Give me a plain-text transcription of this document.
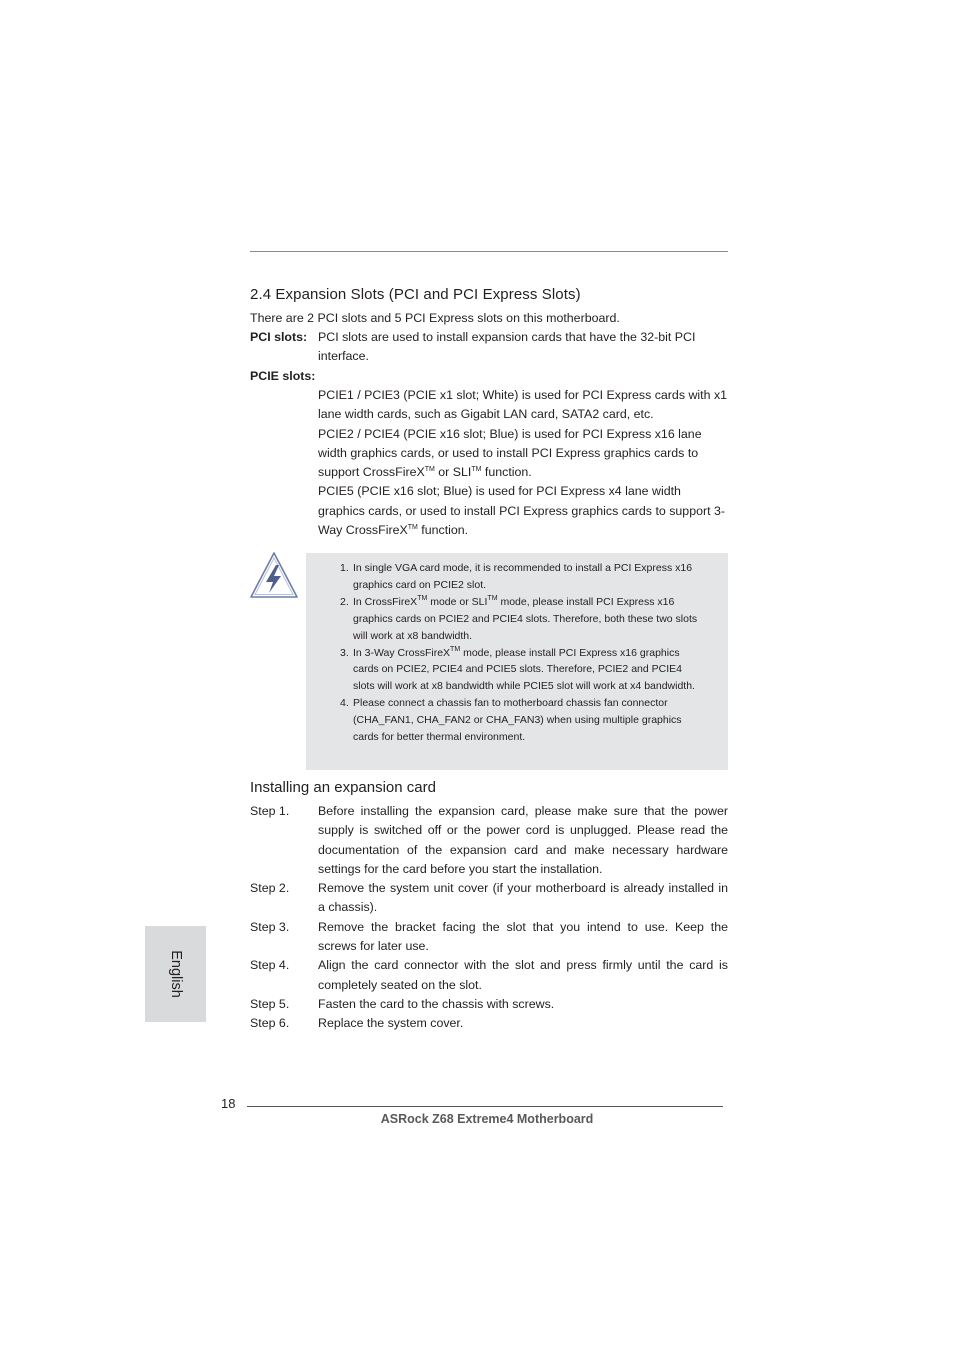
2.4 Expansion Slots (PCI and PCI Express Slots)
There are 2 PCI slots and 5 PCI Express slots on this motherboard.
PCI slots: PCI slots are used to install expansion cards that have the 32-bit PCI interface.
PCIE slots:

PCIE1 / PCIE3 (PCIE x1 slot; White) is used for PCI Express cards with x1 lane width cards, such as Gigabit LAN card, SATA2 card, etc.

PCIE2 / PCIE4 (PCIE x16 slot; Blue) is used for PCI Express x16 lane width graphics cards, or used to install PCI Express graphics cards to support CrossFireX™ or SLI™ function.

PCIE5 (PCIE x16 slot; Blue) is used for PCI Express x4 lane width graphics cards, or used to install PCI Express graphics cards to support 3-Way CrossFireX™ function.

1. In single VGA card mode, it is recommended to install a PCI Express x16 graphics card on PCIE2 slot.
2. In CrossFireX™ mode or SLI™ mode, please install PCI Express x16 graphics cards on PCIE2 and PCIE4 slots. Therefore, both these two slots will work at x8 bandwidth.
3. In 3-Way CrossFireX™ mode, please install PCI Express x16 graphics cards on PCIE2, PCIE4 and PCIE5 slots. Therefore, PCIE2 and PCIE4 slots will work at x8 bandwidth while PCIE5 slot will work at x4 bandwidth.
4. Please connect a chassis fan to motherboard chassis fan connector (CHA_FAN1, CHA_FAN2 or CHA_FAN3) when using multiple graphics cards for better thermal environment.
Installing an expansion card
Step 1. Before installing the expansion card, please make sure that the power supply is switched off or the power cord is unplugged. Please read the documentation of the expansion card and make necessary hardware settings for the card before you start the installation.
Step 2. Remove the system unit cover (if your motherboard is already installed in a chassis).
Step 3. Remove the bracket facing the slot that you intend to use. Keep the screws for later use.
Step 4. Align the card connector with the slot and press firmly until the card is completely seated on the slot.
Step 5. Fasten the card to the chassis with screws.
Step 6. Replace the system cover.
English
18
ASRock Z68 Extreme4 Motherboard
